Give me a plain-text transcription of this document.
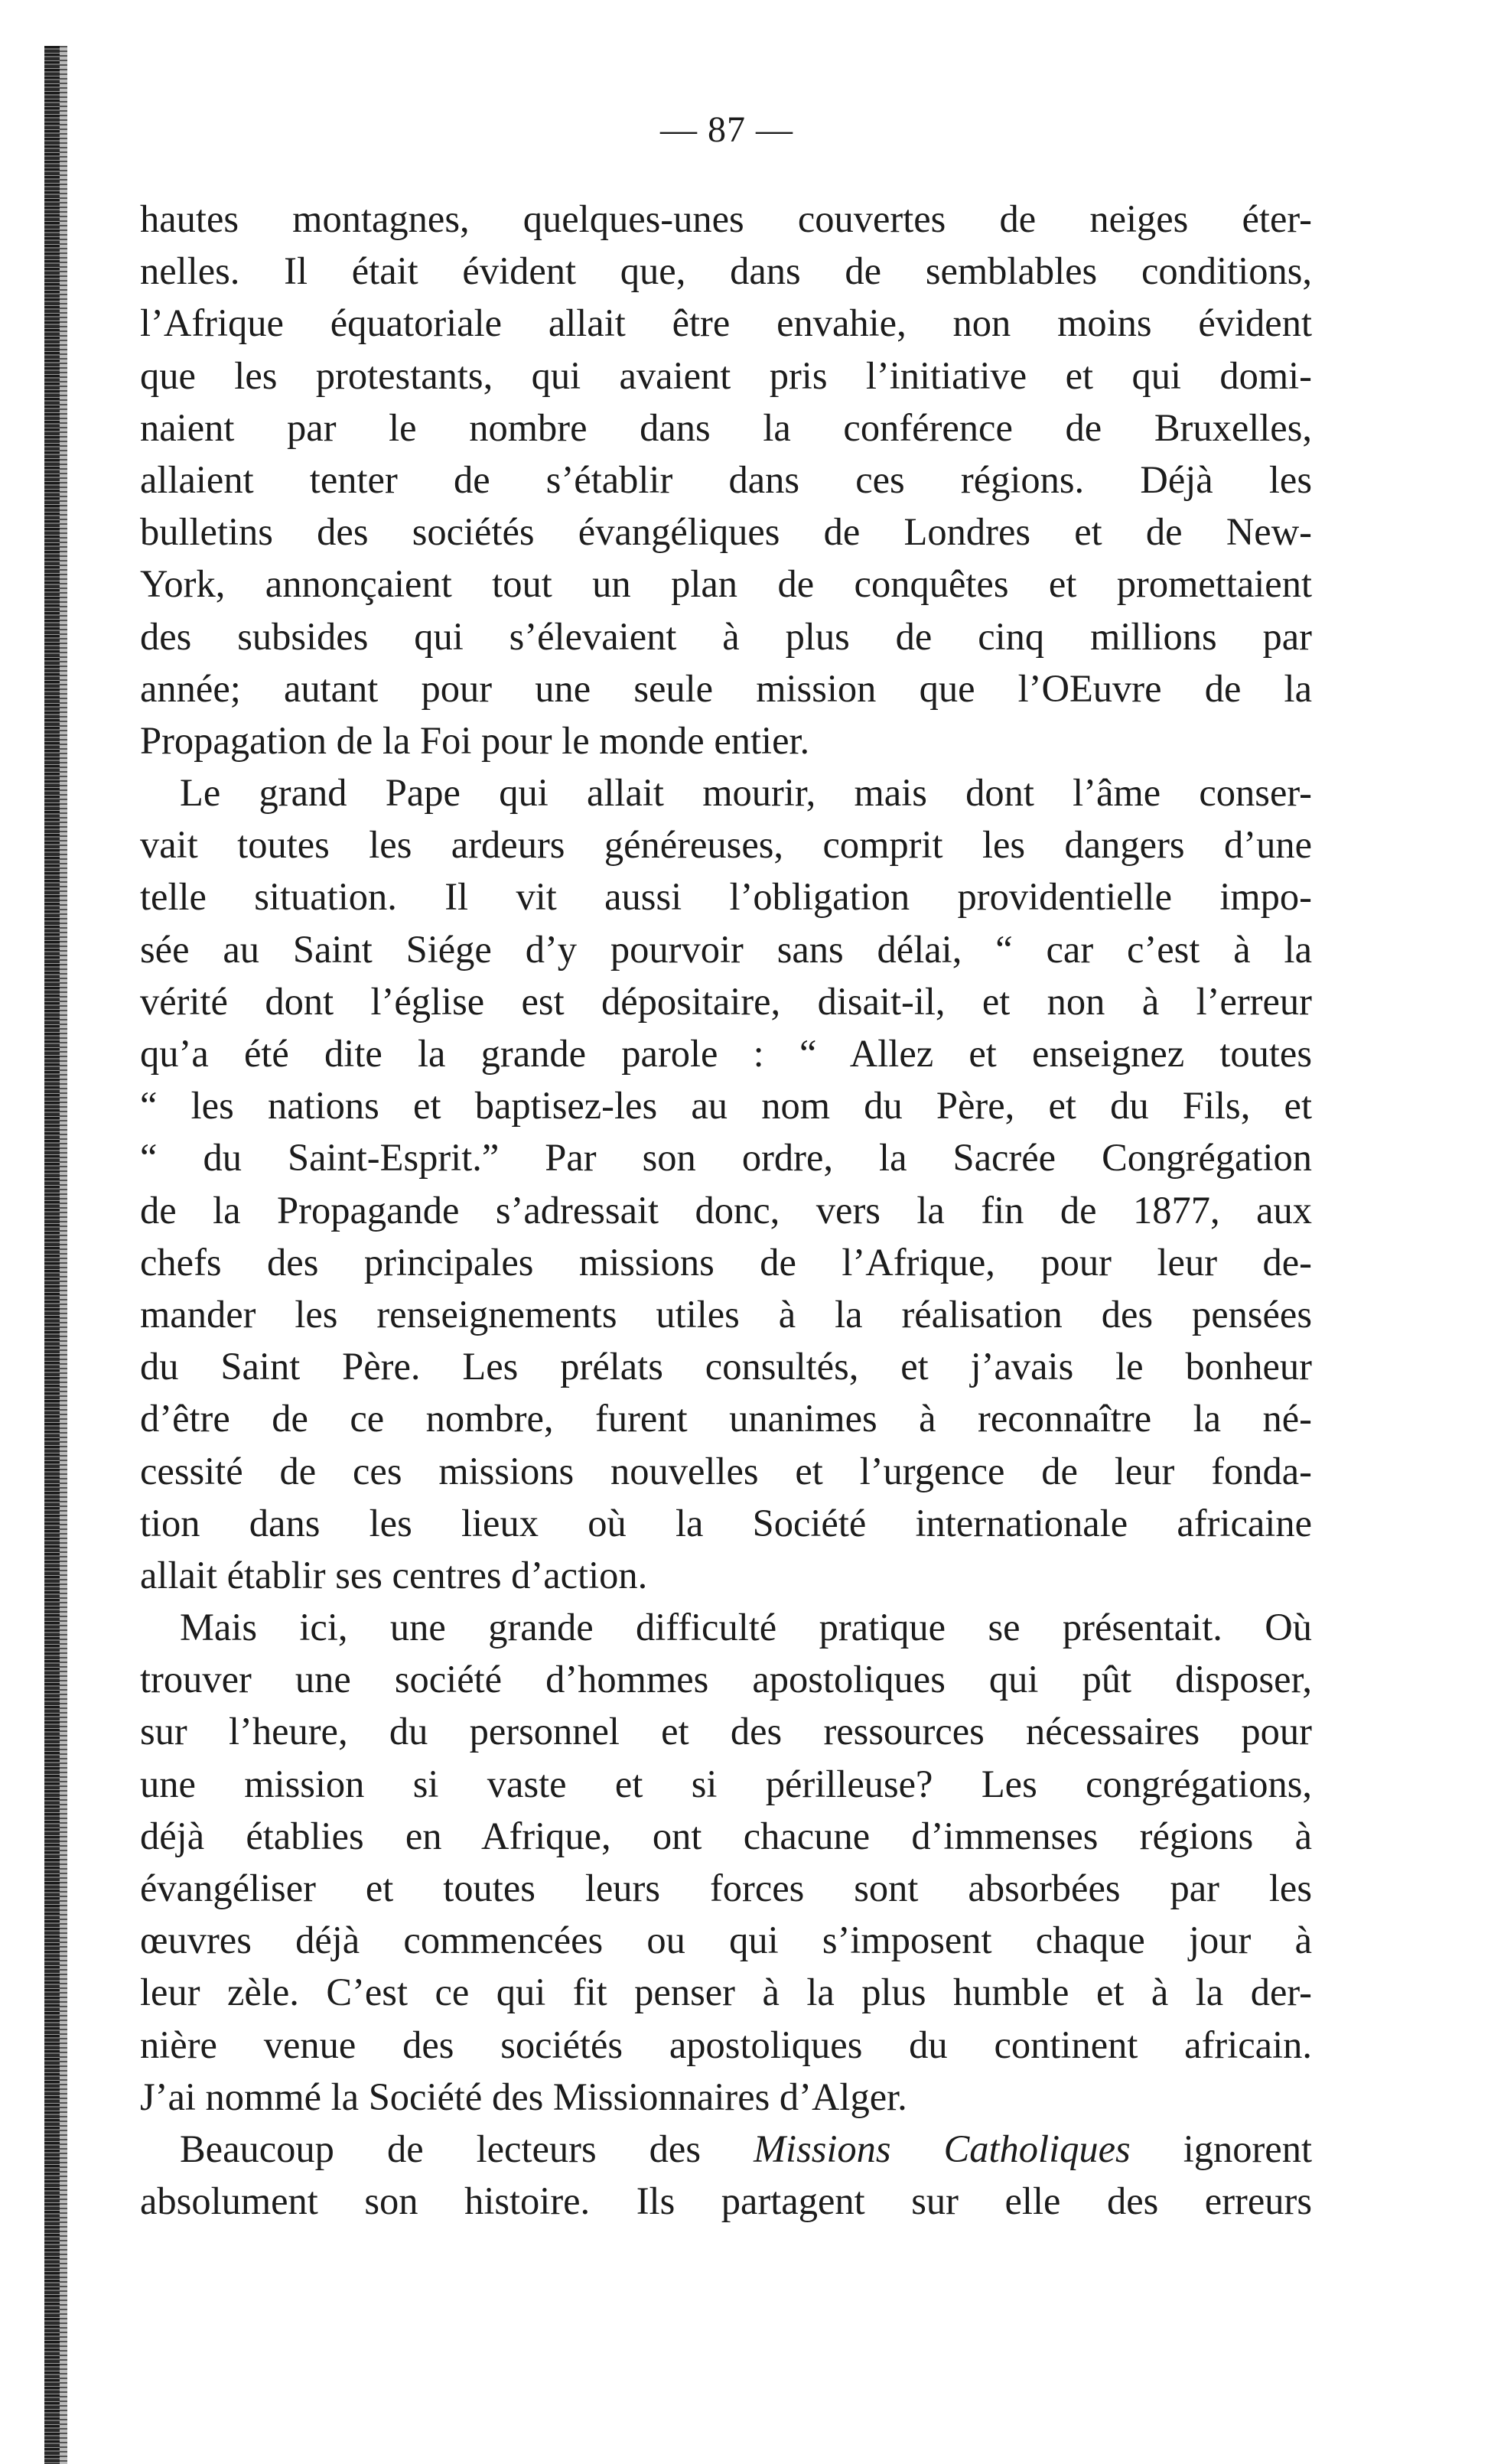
— 87 —
hautes montagnes, quelques-unes couvertes de neiges éter-
nelles. Il était évident que, dans de semblables conditions,
l’Afrique équatoriale allait être envahie, non moins évident
que les protestants, qui avaient pris l’initiative et qui domi-
naient par le nombre dans la conférence de Bruxelles,
allaient tenter de s’établir dans ces régions. Déjà les
bulletins des sociétés évangéliques de Londres et de New-
York, annonçaient tout un plan de conquêtes et promettaient
des subsides qui s’élevaient à plus de cinq millions par
année; autant pour une seule mission que l’OEuvre de la
Propagation de la Foi pour le monde entier.
Le grand Pape qui allait mourir, mais dont l’âme conser-
vait toutes les ardeurs généreuses, comprit les dangers d’une
telle situation. Il vit aussi l’obligation providentielle impo-
sée au Saint Siége d’y pourvoir sans délai, “ car c’est à la
vérité dont l’église est dépositaire, disait-il, et non à l’erreur
qu’a été dite la grande parole : “ Allez et enseignez toutes
“ les nations et baptisez-les au nom du Père, et du Fils, et
“ du Saint-Esprit.” Par son ordre, la Sacrée Congrégation
de la Propagande s’adressait donc, vers la fin de 1877, aux
chefs des principales missions de l’Afrique, pour leur de-
mander les renseignements utiles à la réalisation des pensées
du Saint Père. Les prélats consultés, et j’avais le bonheur
d’être de ce nombre, furent unanimes à reconnaître la né-
cessité de ces missions nouvelles et l’urgence de leur fonda-
tion dans les lieux où la Société internationale africaine
allait établir ses centres d’action.
Mais ici, une grande difficulté pratique se présentait. Où
trouver une société d’hommes apostoliques qui pût disposer,
sur l’heure, du personnel et des ressources nécessaires pour
une mission si vaste et si périlleuse? Les congrégations,
déjà établies en Afrique, ont chacune d’immenses régions à
évangéliser et toutes leurs forces sont absorbées par les
œuvres déjà commencées ou qui s’imposent chaque jour à
leur zèle. C’est ce qui fit penser à la plus humble et à la der-
nière venue des sociétés apostoliques du continent africain.
J’ai nommé la Société des Missionnaires d’Alger.
Beaucoup de lecteurs des Missions Catholiques ignorent
absolument son histoire. Ils partagent sur elle des erreurs
